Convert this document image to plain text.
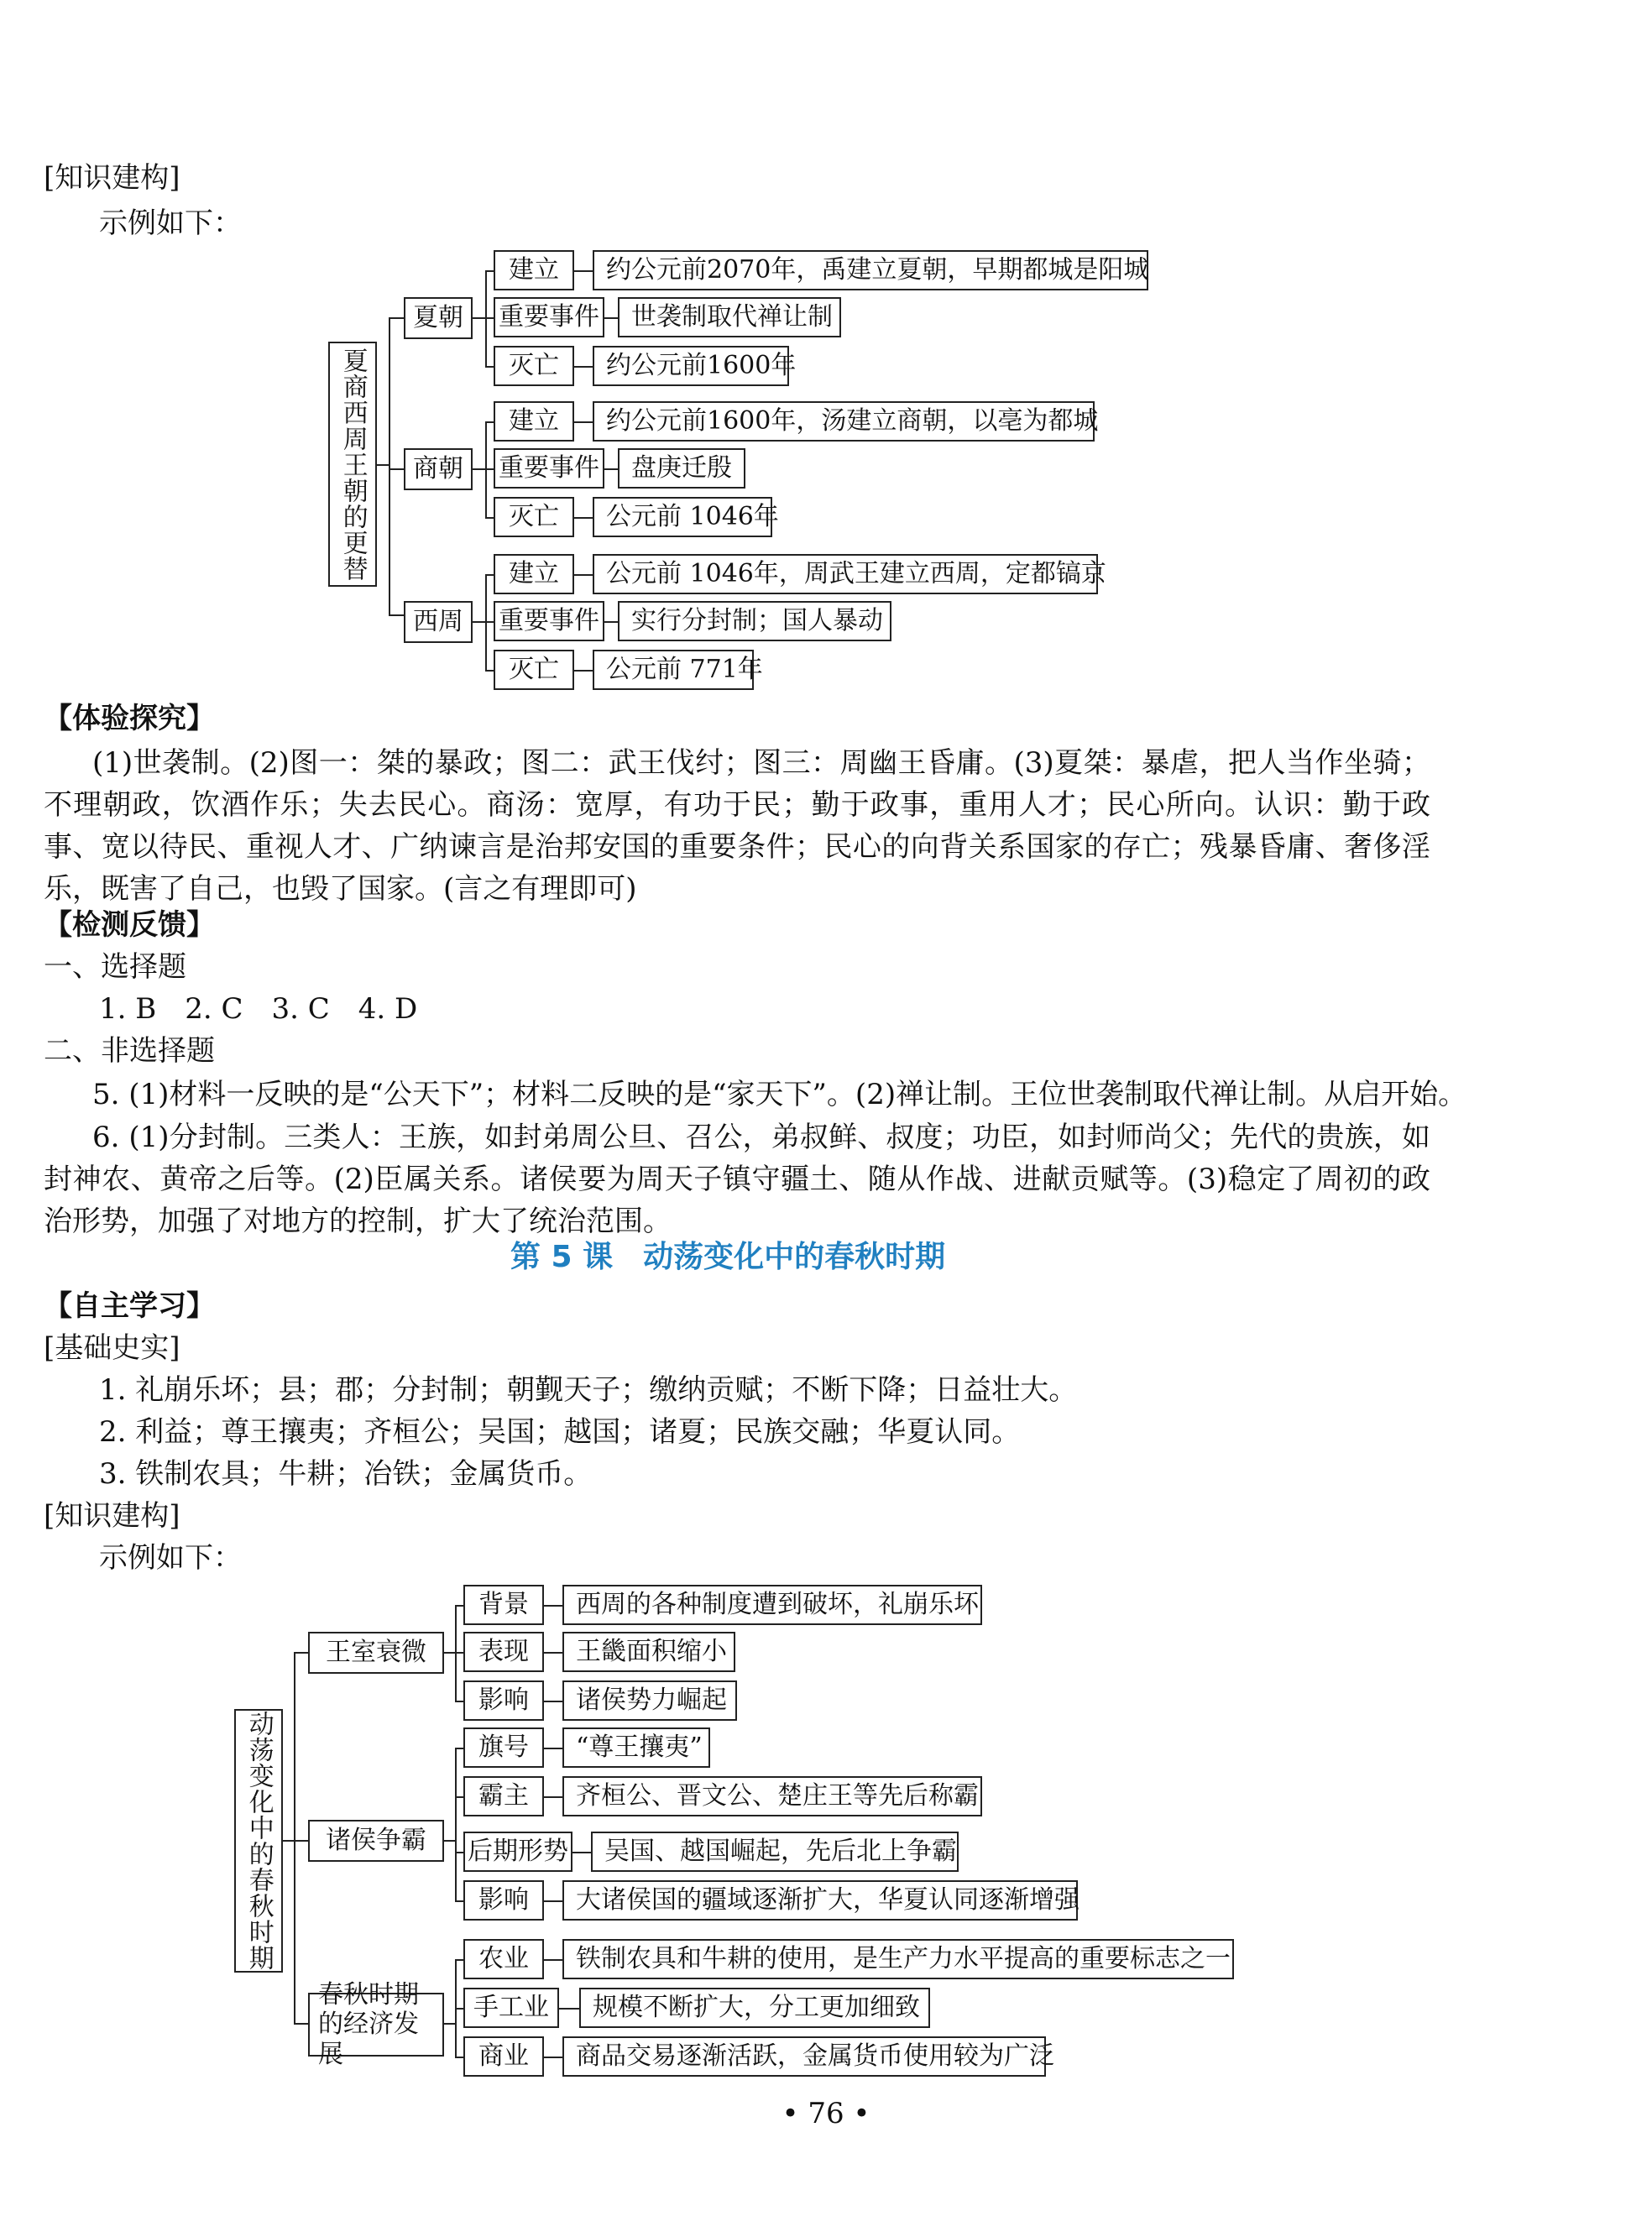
[知识建构]
示例如下：
夏商西周王朝的更替
夏朝
建立	约公元前2070年，禹建立夏朝，早期都城是阳城
重要事件	世袭制取代禅让制
灭亡	约公元前1600年
商朝
建立	约公元前1600年，汤建立商朝，以亳为都城
重要事件	盘庚迁殷
灭亡	公元前 1046年
西周
建立	公元前 1046年，周武王建立西周，定都镐京
重要事件	实行分封制；国人暴动
灭亡	公元前 771年
【体验探究】
(1)世袭制。(2)图一：桀的暴政；图二：武王伐纣；图三：周幽王昏庸。(3)夏桀：暴虐，把人当作坐骑；不理朝政，饮酒作乐；失去民心。商汤：宽厚，有功于民；勤于政事，重用人才；民心所向。认识：勤于政事、宽以待民、重视人才、广纳谏言是治邦安国的重要条件；民心的向背关系国家的存亡；残暴昏庸、奢侈淫乐，既害了自己，也毁了国家。(言之有理即可)
【检测反馈】
一、选择题
1. B　2. C　3. C　4. D
二、非选择题
5. (1)材料一反映的是“公天下”；材料二反映的是“家天下”。(2)禅让制。王位世袭制取代禅让制。从启开始。
6. (1)分封制。三类人：王族，如封弟周公旦、召公，弟叔鲜、叔度；功臣，如封师尚父；先代的贵族，如封神农、黄帝之后等。(2)臣属关系。诸侯要为周天子镇守疆土、随从作战、进献贡赋等。(3)稳定了周初的政治形势，加强了对地方的控制，扩大了统治范围。
第 5 课　动荡变化中的春秋时期
【自主学习】
[基础史实]
1. 礼崩乐坏；县；郡；分封制；朝觐天子；缴纳贡赋；不断下降；日益壮大。
2. 利益；尊王攘夷；齐桓公；吴国；越国；诸夏；民族交融；华夏认同。
3. 铁制农具；牛耕；冶铁；金属货币。
[知识建构]
示例如下：
动荡变化中的春秋时期
王室衰微
背景	西周的各种制度遭到破坏，礼崩乐坏
表现	王畿面积缩小
影响	诸侯势力崛起
诸侯争霸
旗号	“尊王攘夷”
霸主	齐桓公、晋文公、楚庄王等先后称霸
后期形势	吴国、越国崛起，先后北上争霸
影响	大诸侯国的疆域逐渐扩大，华夏认同逐渐增强
春秋时期的经济发展
农业	铁制农具和牛耕的使用，是生产力水平提高的重要标志之一
手工业	规模不断扩大，分工更加细致
商业	商品交易逐渐活跃，金属货币使用较为广泛
• 76 •
